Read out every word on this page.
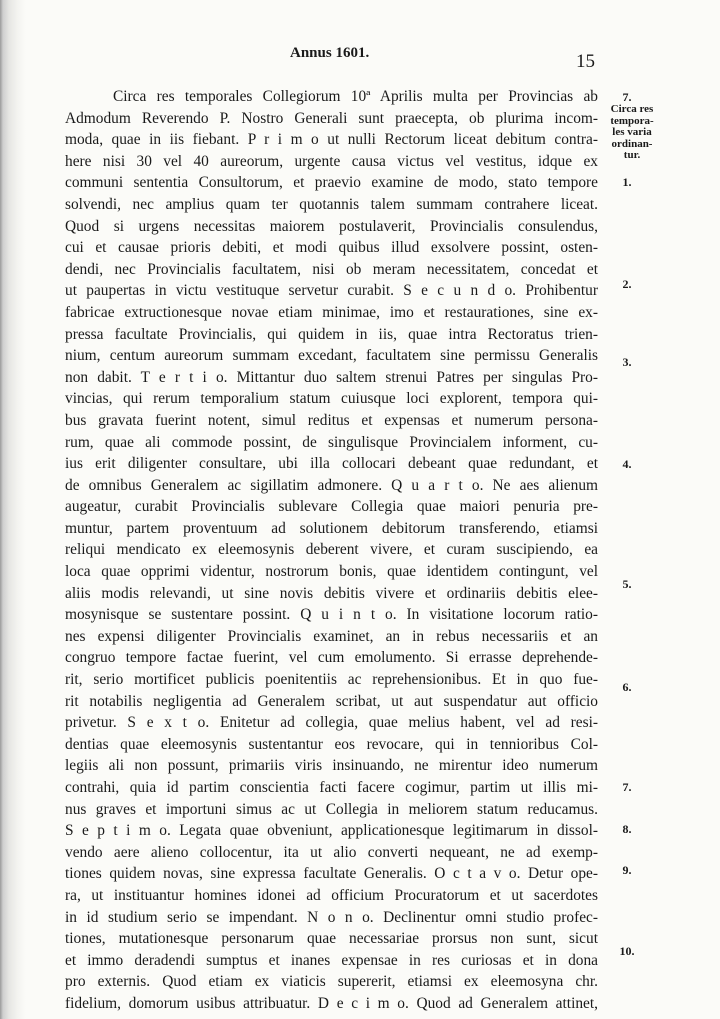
Annus 1601.	15
Circa res temporales Collegiorum 10ª Aprilis multa per Provincias ab
Admodum Reverendo P. Nostro Generali sunt praecepta, ob plurima incom-
moda, quae in iis fiebant. P r i m o ut nulli Rectorum liceat debitum contra-
here nisi 30 vel 40 aureorum, urgente causa victus vel vestitus, idque ex
communi sententia Consultorum, et praevio examine de modo, stato tempore
solvendi, nec amplius quam ter quotannis talem summam contrahere liceat.
Quod si urgens necessitas maiorem postulaverit, Provincialis consulendus,
cui et causae prioris debiti, et modi quibus illud exsolvere possint, osten-
dendi, nec Provincialis facultatem, nisi ob meram necessitatem, concedat et
ut paupertas in victu vestituque servetur curabit. S e c u n d o. Prohibentur
fabricae extructionesque novae etiam minimae, imo et restaurationes, sine ex-
pressa facultate Provincialis, qui quidem in iis, quae intra Rectoratus trien-
nium, centum aureorum summam excedant, facultatem sine permissu Generalis
non dabit. T e r t i o. Mittantur duo saltem strenui Patres per singulas Pro-
vincias, qui rerum temporalium statum cuiusque loci explorent, tempora qui-
bus gravata fuerint notent, simul reditus et expensas et numerum persona-
rum, quae ali commode possint, de singulisque Provincialem informent, cu-
ius erit diligenter consultare, ubi illa collocari debeant quae redundant, et
de omnibus Generalem ac sigillatim admonere. Q u a r t o. Ne aes alienum
augeatur, curabit Provincialis sublevare Collegia quae maiori penuria pre-
muntur, partem proventuum ad solutionem debitorum transferendo, etiamsi
reliqui mendicato ex eleemosynis deberent vivere, et curam suscipiendo, ea
loca quae opprimi videntur, nostrorum bonis, quae identidem contingunt, vel
aliis modis relevandi, ut sine novis debitis vivere et ordinariis debitis elee-
mosynisque se sustentare possint. Q u i n t o. In visitatione locorum ratio-
nes expensi diligenter Provincialis examinet, an in rebus necessariis et an
congruo tempore factae fuerint, vel cum emolumento. Si errasse deprehende-
rit, serio mortificet publicis poenitentiis ac reprehensionibus. Et in quo fue-
rit notabilis negligentia ad Generalem scribat, ut aut suspendatur aut officio
privetur. S e x t o. Enitetur ad collegia, quae melius habent, vel ad resi-
dentias quae eleemosynis sustentantur eos revocare, qui in tennioribus Col-
legiis ali non possunt, primariis viris insinuando, ne mirentur ideo numerum
contrahi, quia id partim conscientia facti facere cogimur, partim ut illis mi-
nus graves et importuni simus ac ut Collegia in meliorem statum reducamus.
S e p t i m o. Legata quae obveniunt, applicationesque legitimarum in dissol-
vendo aere alieno collocentur, ita ut alio converti nequeant, ne ad exemp-
tiones quidem novas, sine expressa facultate Generalis. O c t a v o. Detur ope-
ra, ut instituantur homines idonei ad officium Procuratorum et ut sacerdotes
in id studium serio se impendant. N o n o. Declinentur omni studio profec-
tiones, mutationesque personarum quae necessariae prorsus non sunt, sicut
et immo deradendi sumptus et inanes expensae in res curiosas et in dona
pro externis. Quod etiam ex viaticis supererit, etiamsi ex eleemosyna chr.
fidelium, domorum usibus attribuatur. D e c i m o. Quod ad Generalem attinet,
Circa res
tempora-
les varia
ordinan-
tur.
7.
1.
2.
3.
4.
5.
6.
7.
8.
9.
10.
